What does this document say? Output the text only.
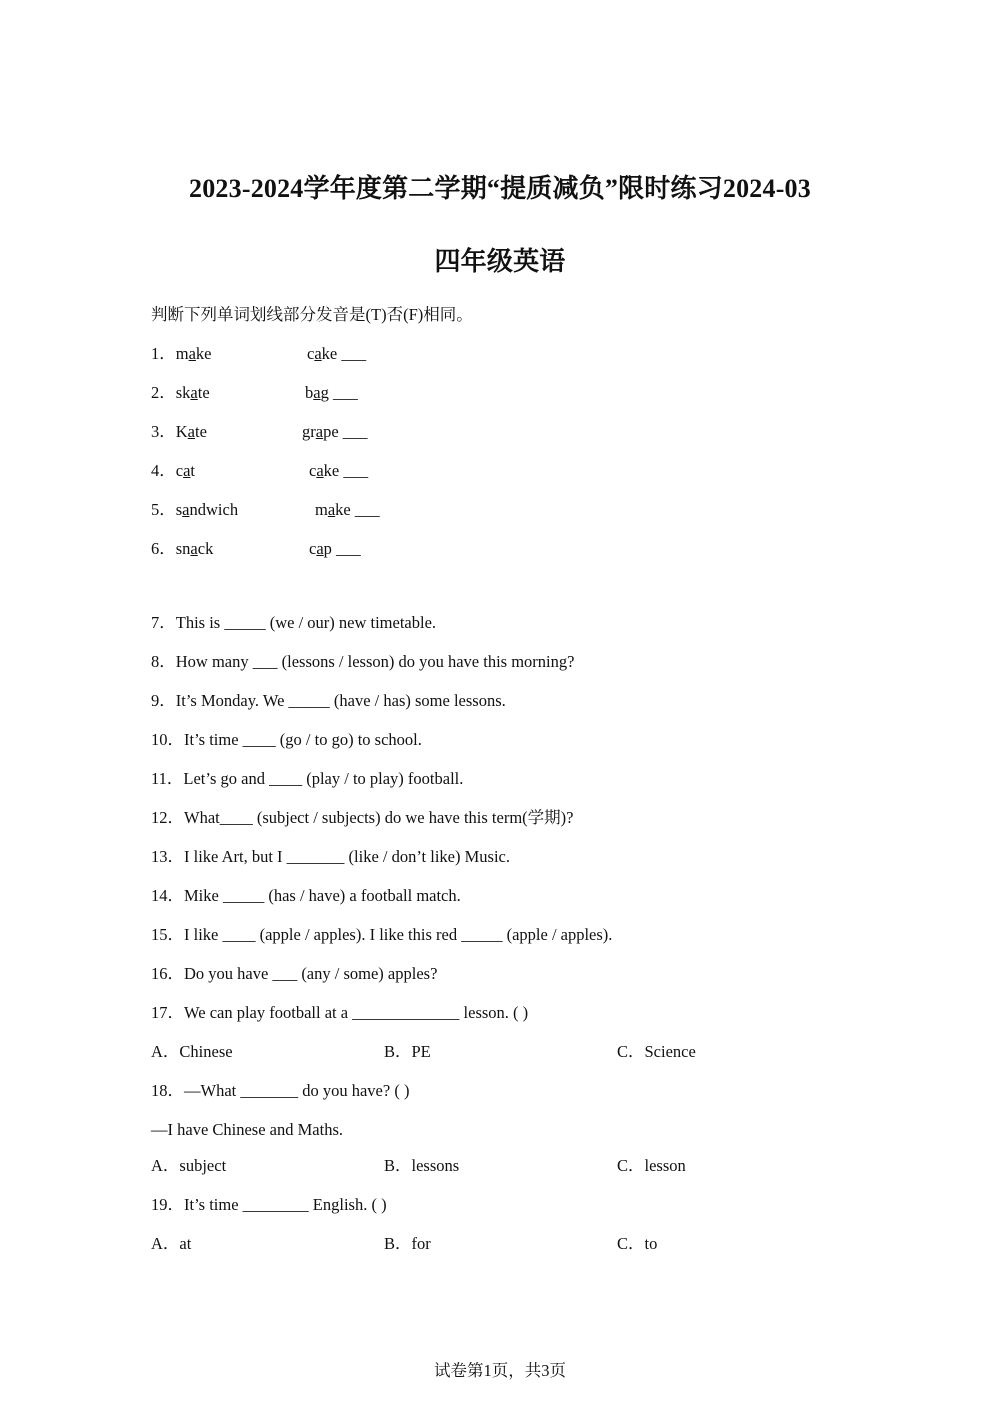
2023-2024学年度第二学期“提质减负”限时练习2024-03
四年级英语
判断下列单词划线部分发音是(T)否(F)相同。
1．make	cake ___
2．skate	bag ___
3．Kate	grape ___
4．cat	cake ___
5．sandwich	make ___
6．snack	cap ___
7．This is _____ (we / our) new timetable.
8．How many ___ (lessons / lesson) do you have this morning?
9．It’s Monday. We _____ (have / has) some lessons.
10．It’s time ____ (go / to go) to school.
11．Let’s go and ____ (play / to play) football.
12．What____ (subject / subjects) do we have this term(学期)?
13．I like Art, but I _______ (like / don’t like) Music.
14．Mike _____ (has / have) a football match.
15．I like ____ (apple / apples). I like this red _____ (apple / apples).
16．Do you have ___ (any / some) apples?
17．We can play football at a _____________ lesson. ( )
A．Chinese	B．PE	C．Science
18．—What _______ do you have? ( )
—I have Chinese and Maths.
A．subject	B．lessons	C．lesson
19．It’s time ________ English. ( )
A．at	B．for	C．to
试卷第1页，共3页
